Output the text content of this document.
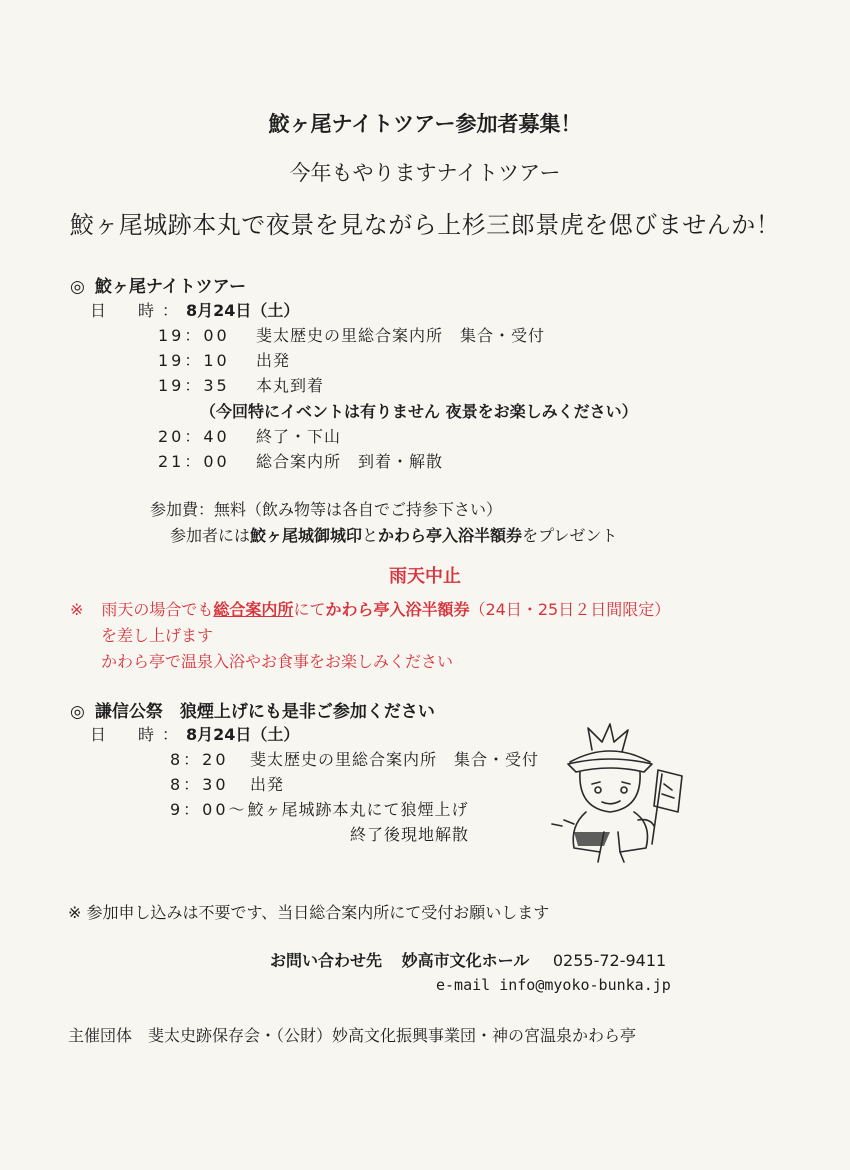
鮫ヶ尾ナイトツアー参加者募集！
今年もやりますナイトツアー
鮫ヶ尾城跡本丸で夜景を見ながら上杉三郎景虎を偲びませんか！
◎ 鮫ヶ尾ナイトツアー
日　時：8月24日（土）
19：00 斐太歴史の里総合案内所　集合・受付
19：10 出発
19：35 本丸到着
（今回特にイベントは有りません 夜景をお楽しみください）
20：40 終了・下山
21：00 総合案内所　到着・解散
参加費：無料（飲み物等は各自でご持参下さい）
参加者には鮫ヶ尾城御城印とかわら亭入浴半額券をプレゼント
雨天中止
※ 雨天の場合でも総合案内所にてかわら亭入浴半額券（24日・25日２日間限定）
を差し上げます
かわら亭で温泉入浴やお食事をお楽しみください
◎ 謙信公祭　狼煙上げにも是非ご参加ください
日　時：8月24日（土）
8：20 斐太歴史の里総合案内所　集合・受付
8：30 出発
9：00～鮫ヶ尾城跡本丸にて狼煙上げ
終了後現地解散
※ 参加申し込みは不要です、当日総合案内所にて受付お願いします
お問い合わせ先 妙高市文化ホール 0255-72-9411
e-mail info@myoko-bunka.jp
主催団体　斐太史跡保存会・（公財）妙高文化振興事業団・神の宮温泉かわら亭
